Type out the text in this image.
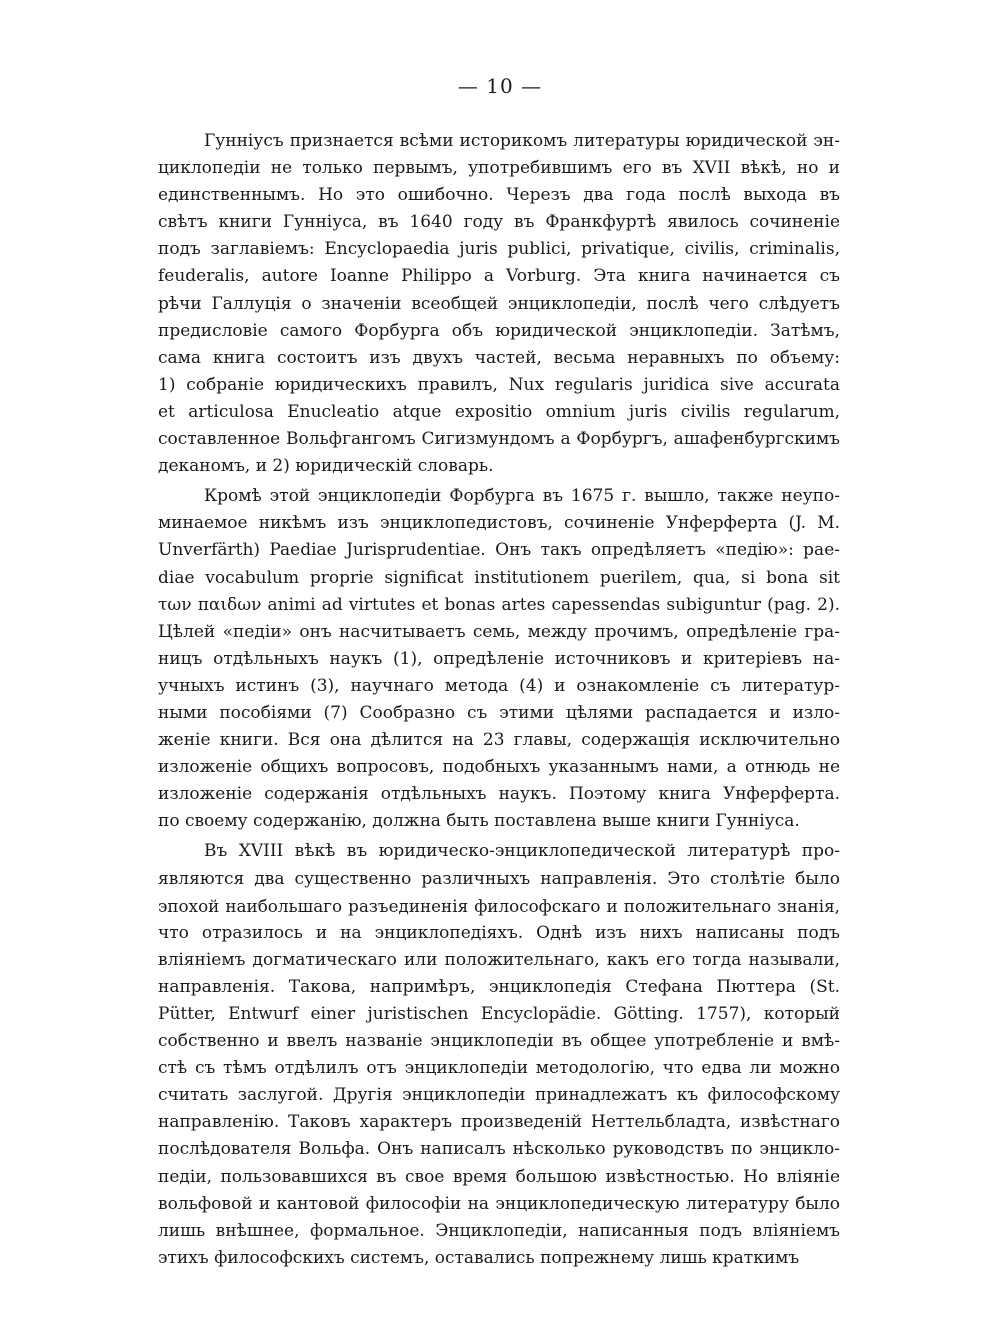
— 10 —
Гунніусъ признается всѣми историкомъ литературы юридической эн-
циклопедіи не только первымъ, употребившимъ его въ XVII вѣкѣ, но и
единственнымъ. Но это ошибочно. Черезъ два года послѣ выхода въ
свѣтъ книги Гунніуса, въ 1640 году въ Франкфуртѣ явилось сочиненіе
подъ заглавіемъ: Encyclopaedia juris publici, privatique, civilis, criminalis,
feuderalis, autore Ioanne Philippo a Vorburg. Эта книга начинается съ
рѣчи Галлуція о значеніи всеобщей энциклопедіи, послѣ чего слѣдуетъ
предисловіе самого Форбурга объ юридической энциклопедіи. Затѣмъ,
сама книга состоитъ изъ двухъ частей, весьма неравныхъ по объему:
1) собраніе юридическихъ правилъ, Nux regularis juridica sive accurata
et articulosa Enucleatio atque expositio omnium juris civilis regularum,
составленное Вольфгангомъ Сигизмундомъ а Форбургъ, ашафенбургскимъ
деканомъ, и 2) юридическій словарь.
Кромѣ этой энциклопедіи Форбурга въ 1675 г. вышло, также неупо-
минаемое никѣмъ изъ энциклопедистовъ, сочиненіе Унферферта (J. M.
Unverfärth) Paediae Jurisprudentiae. Онъ такъ опредѣляетъ «педію»: pae-
diae vocabulum proprie significat institutionem puerilem, qua, si bona sit
των παιδων animi ad virtutes et bonas artes capessendas subiguntur (pag. 2).
Цѣлей «педіи» онъ насчитываетъ семь, между прочимъ, опредѣленіе гра-
ницъ отдѣльныхъ наукъ (1), опредѣленіе источниковъ и критеріевъ на-
учныхъ истинъ (3), научнаго метода (4) и ознакомленіе съ литератур-
ными пособіями (7) Сообразно съ этими цѣлями распадается и изло-
женіе книги. Вся она дѣлится на 23 главы, содержащія исключительно
изложеніе общихъ вопросовъ, подобныхъ указаннымъ нами, а отнюдь не
изложеніе содержанія отдѣльныхъ наукъ. Поэтому книга Унферферта.
по своему содержанію, должна быть поставлена выше книги Гунніуса.
Въ XVIII вѣкѣ въ юридическо-энциклопедической литературѣ про-
являются два существенно различныхъ направленія. Это столѣтіе было
эпохой наибольшаго разъединенія философскаго и положительнаго знанія,
что отразилось и на энциклопедіяхъ. Однѣ изъ нихъ написаны подъ
вліяніемъ догматическаго или положительнаго, какъ его тогда называли,
направленія. Такова, напримѣръ, энциклопедія Стефана Пюттера (St.
Pütter, Entwurf einer juristischen Encyclopädie. Götting. 1757), который
собственно и ввелъ названіе энциклопедіи въ общее употребленіе и вмѣ-
стѣ съ тѣмъ отдѣлилъ отъ энциклопедіи методологію, что едва ли можно
считать заслугой. Другія энциклопедіи принадлежатъ къ философскому
направленію. Таковъ характеръ произведеній Неттельбладта, извѣстнаго
послѣдователя Вольфа. Онъ написалъ нѣсколько руководствъ по энцикло-
педіи, пользовавшихся въ свое время большою извѣстностью. Но вліяніе
вольфовой и кантовой философіи на энциклопедическую литературу было
лишь внѣшнее, формальное. Энциклопедіи, написанныя подъ вліяніемъ
этихъ философскихъ системъ, оставались попрежнему лишь краткимъ
